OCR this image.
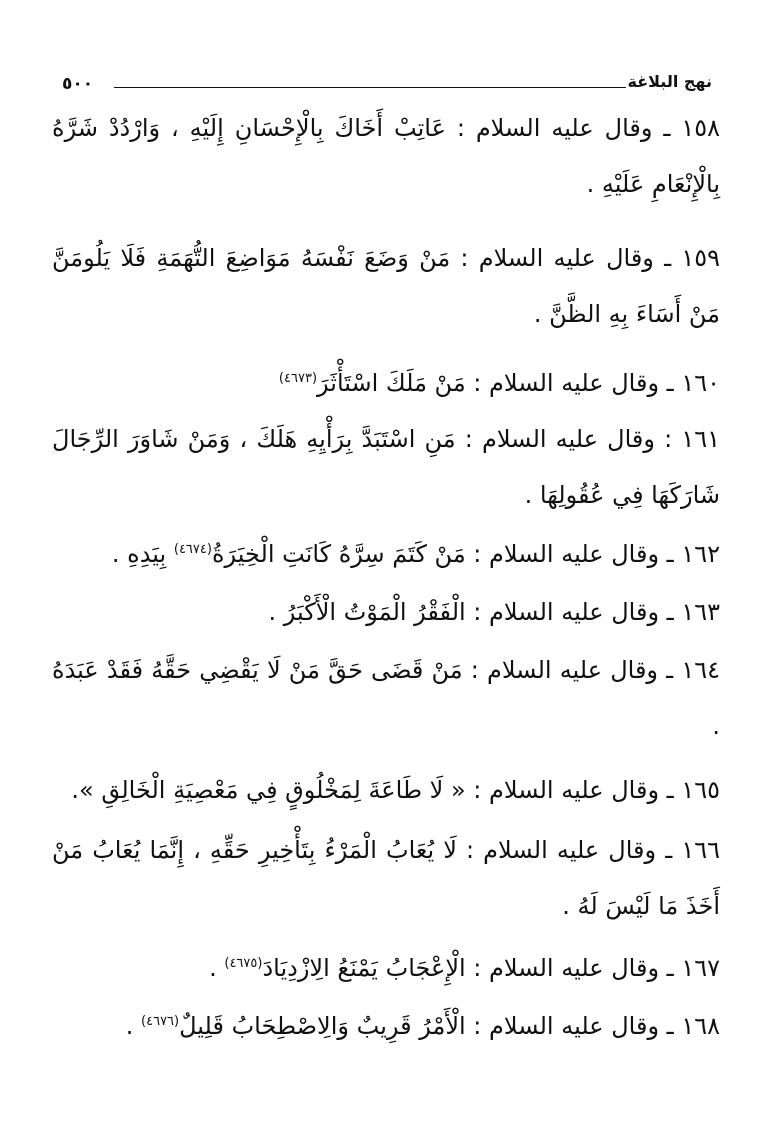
٥٠٠	نهج البلاغة

١٥٨ ـ وقال عليه السلام : عَاتِبْ أَخَاكَ بِالْإِحْسَانِ إِلَيْهِ ، وَارْدُدْ شَرَّهُ بِالْإِنْعَامِ عَلَيْهِ .

١٥٩ ـ وقال عليه السلام : مَنْ وَضَعَ نَفْسَهُ مَوَاضِعَ التُّهَمَةِ فَلَا يَلُومَنَّ مَنْ أَسَاءَ بِهِ الظَّنَّ .

١٦٠ ـ وقال عليه السلام : مَنْ مَلَكَ اسْتَأْثَرَ$^{(٤٦٧٣)}$

١٦١ : وقال عليه السلام : مَنِ اسْتَبَدَّ بِرَأْيِهِ هَلَكَ ، وَمَنْ شَاوَرَ الرِّجَالَ شَارَكَهَا فِي عُقُولِهَا .

١٦٢ ـ وقال عليه السلام : مَنْ كَتَمَ سِرَّهُ كَانَتِ الْخِيَرَةُ$^{(٤٦٧٤)}$ بِيَدِهِ .

١٦٣ ـ وقال عليه السلام : الْفَقْرُ الْمَوْتُ الْأَكْبَرُ .

١٦٤ ـ وقال عليه السلام : مَنْ قَضَى حَقَّ مَنْ لَا يَقْضِي حَقَّهُ فَقَدْ عَبَدَهُ .

١٦٥ ـ وقال عليه السلام : « لَا طَاعَةَ لِمَخْلُوقٍ فِي مَعْصِيَةِ الْخَالِقِ ».

١٦٦ ـ وقال عليه السلام : لَا يُعَابُ الْمَرْءُ بِتَأْخِيرِ حَقِّهِ ، إِنَّمَا يُعَابُ مَنْ أَخَذَ مَا لَيْسَ لَهُ .

١٦٧ ـ وقال عليه السلام : الْإِعْجَابُ يَمْنَعُ الِازْدِيَادَ$^{(٤٦٧٥)}$ .

١٦٨ ـ وقال عليه السلام : الْأَمْرُ قَرِيبٌ وَالِاصْطِحَابُ قَلِيلٌ$^{(٤٦٧٦)}$ .
